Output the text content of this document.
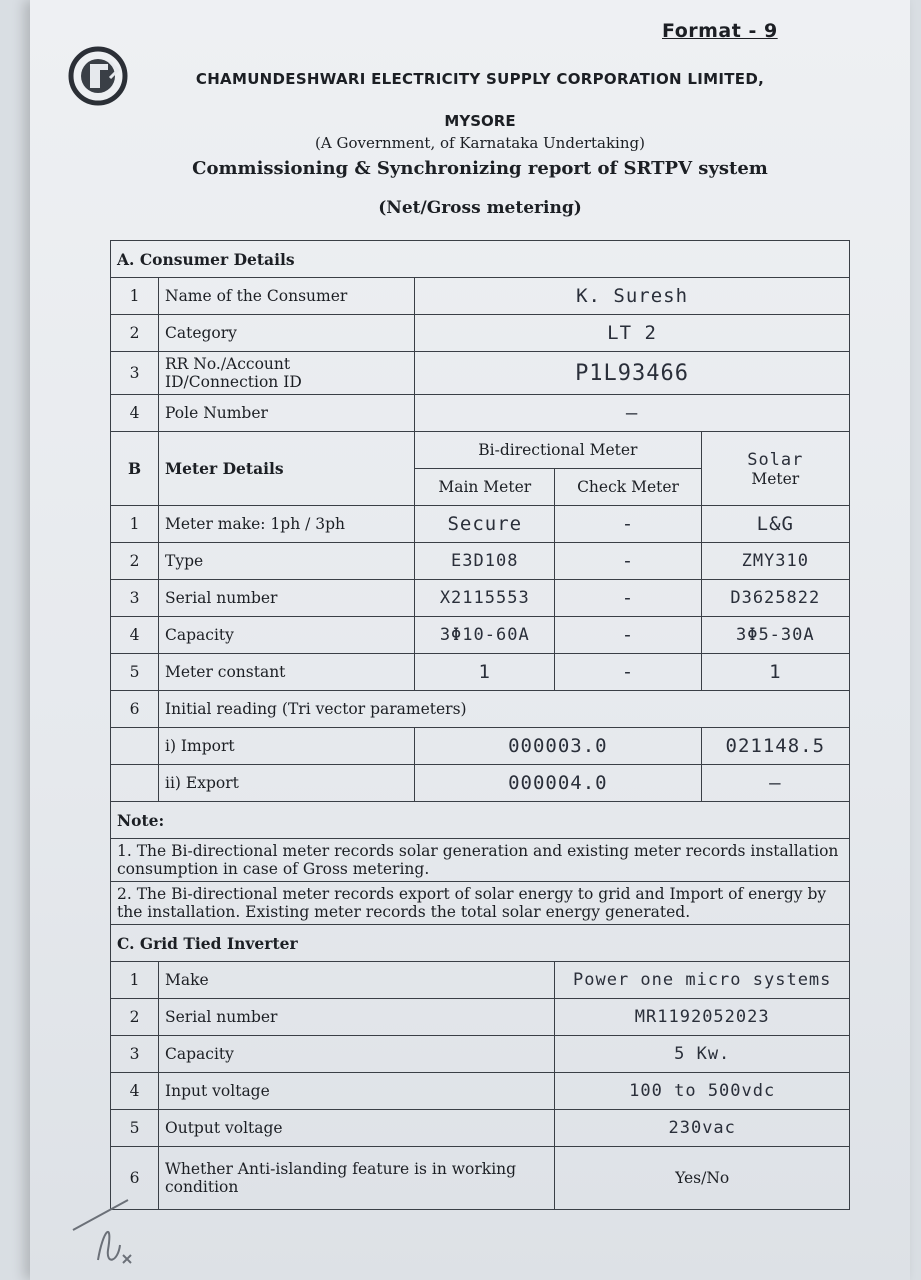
Format - 9
CHAMUNDESHWARI ELECTRICITY SUPPLY CORPORATION LIMITED,
MYSORE
(A Government, of Karnataka Undertaking)
Commissioning & Synchronizing report of SRTPV system
(Net/Gross metering)
A. Consumer Details				
1	Name of the Consumer	K. Suresh		
2	Category	LT 2		
3	RR No./Account ID/Connection ID	P1L93466		
4	Pole Number	—		
B	Meter Details	Bi-directional Meter		Solar
Meter

		Main Meter	Check Meter	
1	Meter make: 1ph / 3ph	Secure	-	L&G
2	Type	E3D108	-	ZMY310
3	Serial number	X2115553	-	D3625822
4	Capacity	3Φ10-60A	-	3Φ5-30A
5	Meter constant	1	-	1
6	Initial reading (Tri vector parameters)			
	i) Import	000003.0		021148.5
	ii) Export	000004.0		—
Note:				
1. The Bi-directional meter records solar generation and existing meter records installation consumption in case of Gross metering.				
2. The Bi-directional meter records export of solar energy to grid and Import of energy by the installation. Existing meter records the total solar energy generated.				
C. Grid Tied Inverter				
1	Make		Power one micro systems	
2	Serial number		MR1192052023	
3	Capacity		5 Kw.	
4	Input voltage		100 to 500vdc	
5	Output voltage		230vac	
6	Whether Anti-islanding feature is in working condition		Yes/No	
